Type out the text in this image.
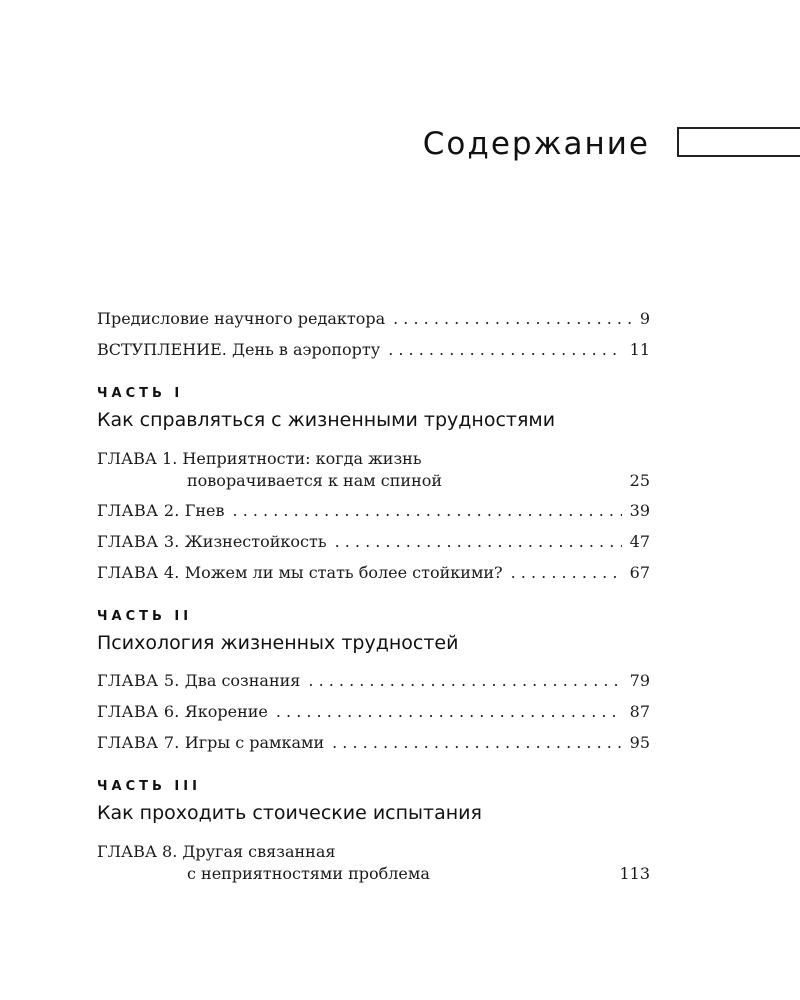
Содержание
Предисловие научного редактора . . .	9
ВСТУПЛЕНИЕ. День в аэропорту . . .	11
ЧАСТЬ I
Как справляться с жизненными трудностями
ГЛАВА 1. Неприятности: когда жизнь
поворачивается к нам спиной	25
ГЛАВА 2. Гнев . . .	39
ГЛАВА 3. Жизнестойкость . . .	47
ГЛАВА 4. Можем ли мы стать более стойкими? . . .	67
ЧАСТЬ II
Психология жизненных трудностей
ГЛАВА 5. Два сознания . . .	79
ГЛАВА 6. Якорение . . .	87
ГЛАВА 7. Игры с рамками . . .	95
ЧАСТЬ III
Как проходить стоические испытания
ГЛАВА 8. Другая связанная
с неприятностями проблема	113
